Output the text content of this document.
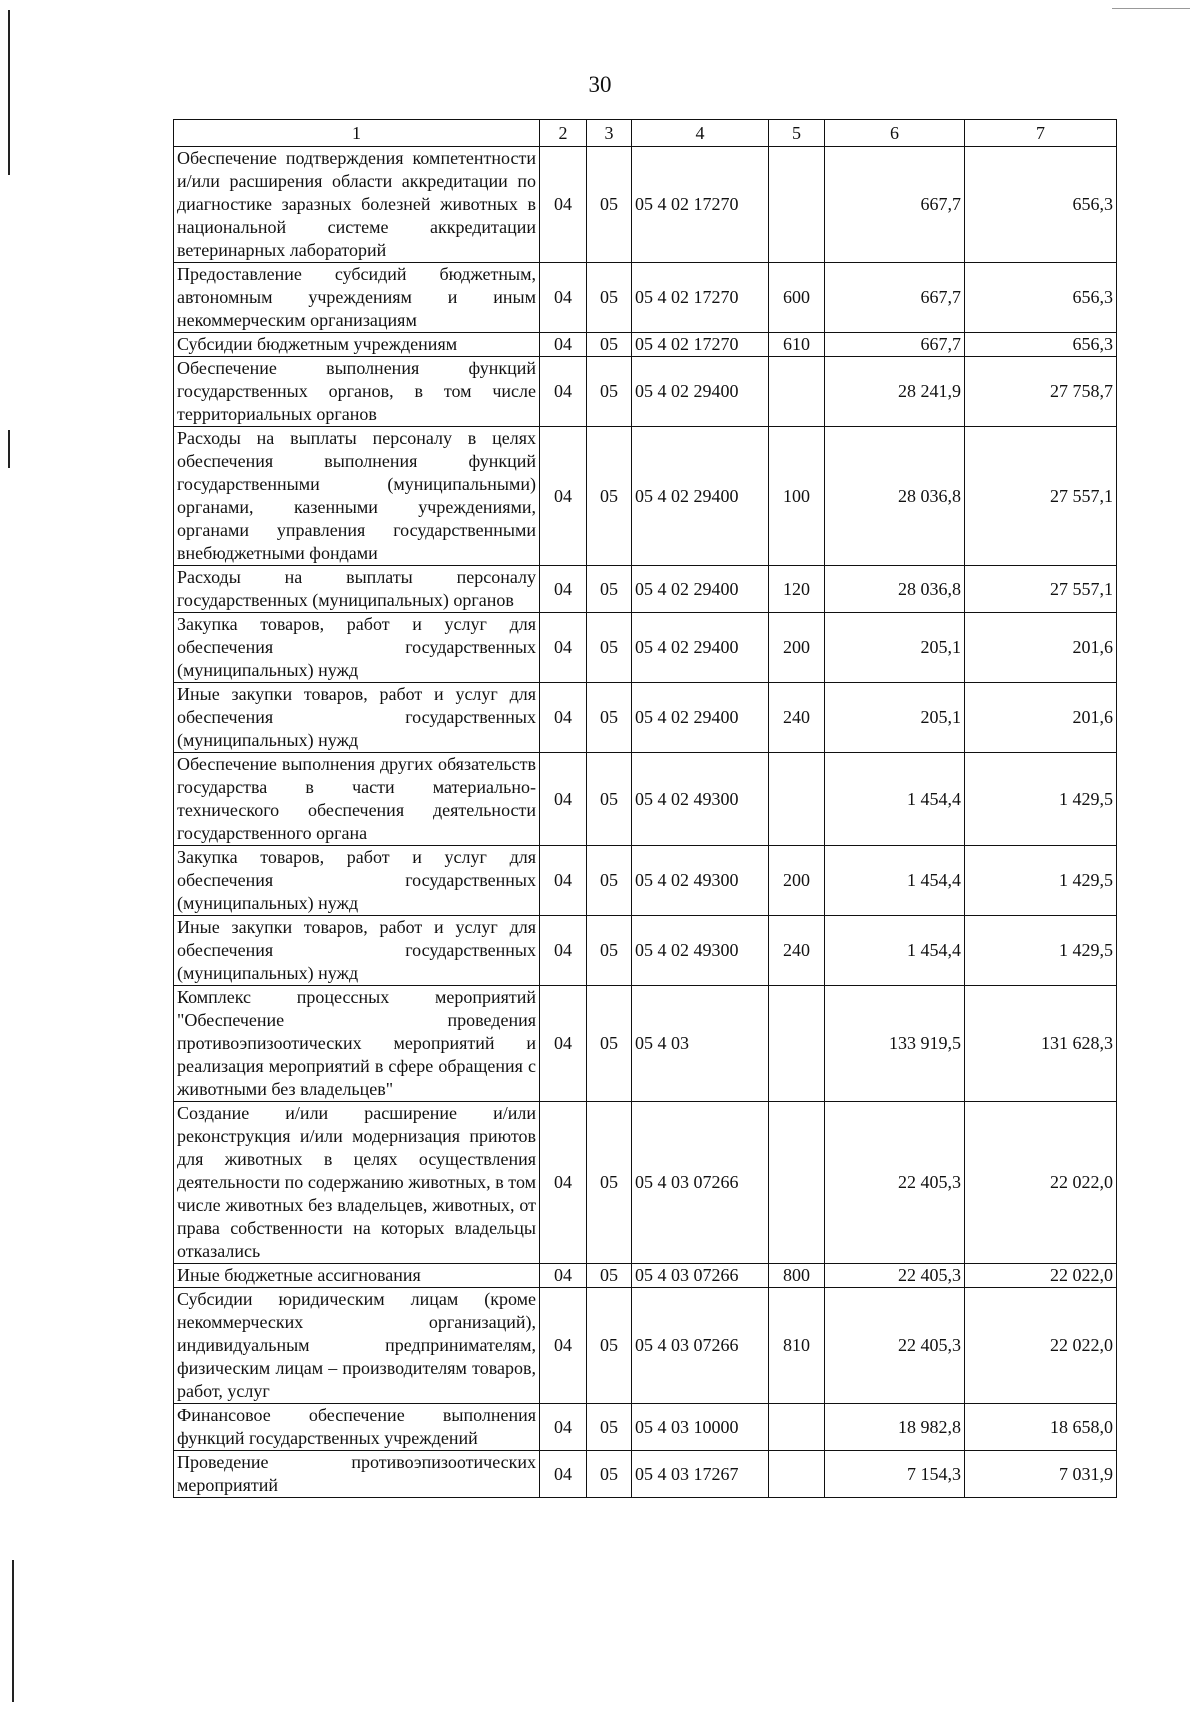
30
1	2	3	4	5	6	7
Обеспечение подтверждения компетентности и/или расширения области аккредитации по диагностике заразных болезней животных в национальной системе аккредитации ветеринарных лабораторий	04	05	05 4 02 17270		667,7	656,3
Предоставление субсидий бюджетным, автономным учреждениям и иным некоммерческим организациям	04	05	05 4 02 17270	600	667,7	656,3
Субсидии бюджетным учреждениям	04	05	05 4 02 17270	610	667,7	656,3
Обеспечение выполнения функций государственных органов, в том числе территориальных органов	04	05	05 4 02 29400		28 241,9	27 758,7
Расходы на выплаты персоналу в целях обеспечения выполнения функций государственными (муниципальными) органами, казенными учреждениями, органами управления государственными внебюджетными фондами	04	05	05 4 02 29400	100	28 036,8	27 557,1
Расходы на выплаты персоналу государственных (муниципальных) органов	04	05	05 4 02 29400	120	28 036,8	27 557,1
Закупка товаров, работ и услуг для обеспечения государственных (муниципальных) нужд	04	05	05 4 02 29400	200	205,1	201,6
Иные закупки товаров, работ и услуг для обеспечения государственных (муниципальных) нужд	04	05	05 4 02 29400	240	205,1	201,6
Обеспечение выполнения других обязательств государства в части материально-технического обеспечения деятельности государственного органа	04	05	05 4 02 49300		1 454,4	1 429,5
Закупка товаров, работ и услуг для обеспечения государственных (муниципальных) нужд	04	05	05 4 02 49300	200	1 454,4	1 429,5
Иные закупки товаров, работ и услуг для обеспечения государственных (муниципальных) нужд	04	05	05 4 02 49300	240	1 454,4	1 429,5
Комплекс процессных мероприятий "Обеспечение проведения противоэпизоотических мероприятий и реализация мероприятий в сфере обращения с животными без владельцев"	04	05	05 4 03		133 919,5	131 628,3
Создание и/или расширение и/или реконструкция и/или модернизация приютов для животных в целях осуществления деятельности по содержанию животных, в том числе животных без владельцев, животных, от права собственности на которых владельцы отказались	04	05	05 4 03 07266		22 405,3	22 022,0
Иные бюджетные ассигнования	04	05	05 4 03 07266	800	22 405,3	22 022,0
Субсидии юридическим лицам (кроме некоммерческих организаций), индивидуальным предпринимателям, физическим лицам – производителям товаров, работ, услуг	04	05	05 4 03 07266	810	22 405,3	22 022,0
Финансовое обеспечение выполнения функций государственных учреждений	04	05	05 4 03 10000		18 982,8	18 658,0
Проведение противоэпизоотических мероприятий	04	05	05 4 03 17267		7 154,3	7 031,9
